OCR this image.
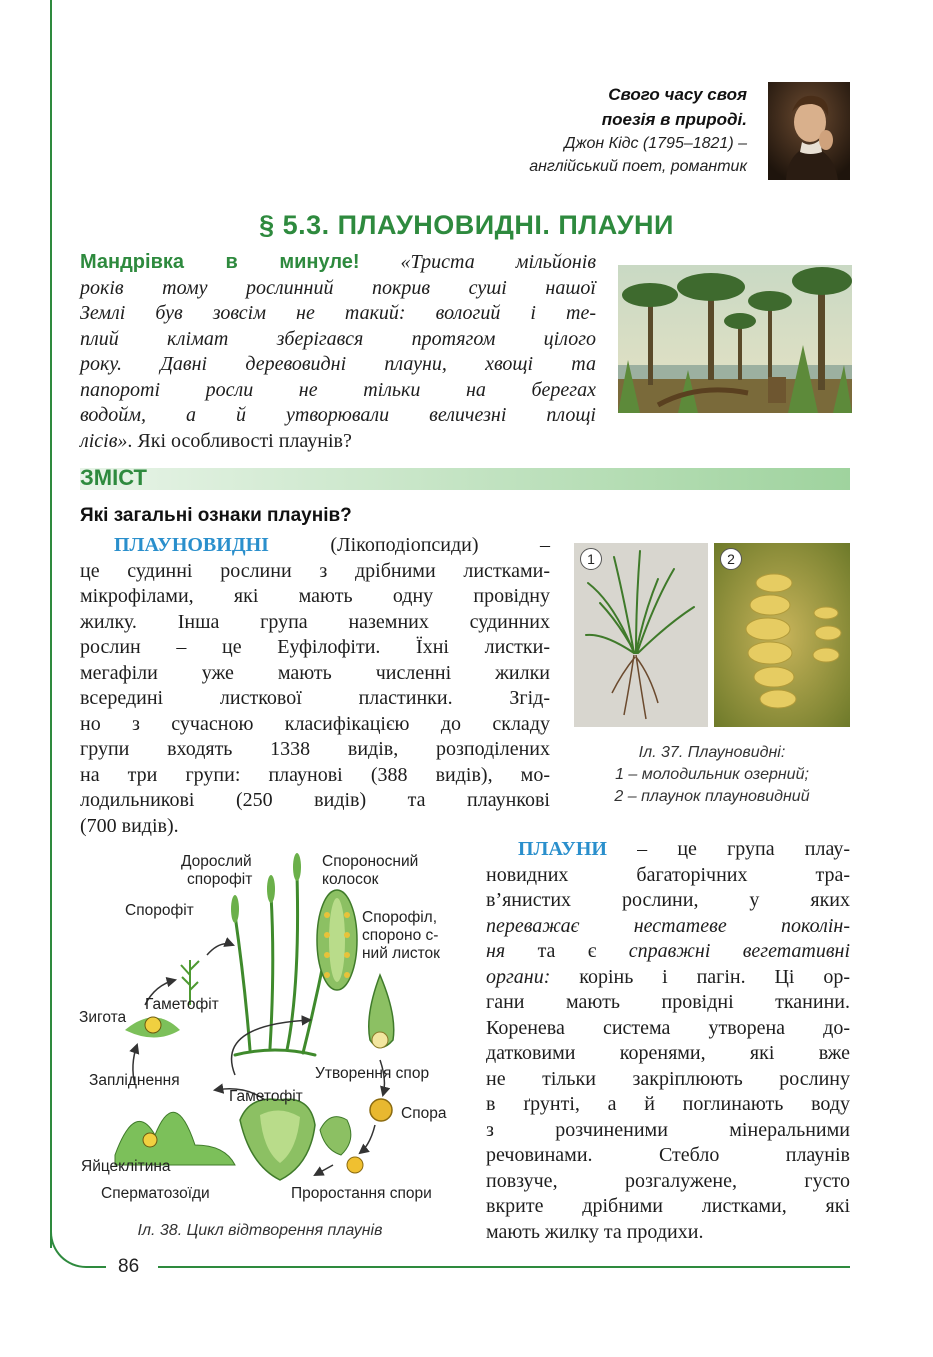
86
Свого часу своя
поезія в природі.
Джон Кідс (1795–1821) –
англійський поет, романтик
§ 5.3. ПЛАУНОВИДНІ. ПЛАУНИ
Мандрівка в минуле! «Триста мільйонів
років тому рослинний покрив суші нашої
Землі був зовсім не такий: вологий і те-
плий клімат зберігався протягом цілого
року. Давні деревовидні плауни, хвощі та
папороті росли не тільки на берегах
водойм, а й утворювали величезні площі
лісів». Які особливості плаунів?
ЗМІСТ
Які загальні ознаки плаунів?
ПЛАУНОВИДНІ (Лікоподіопсиди) –
це судинні рослини з дрібними листками-
мікрофілами, які мають одну провідну
жилку. Інша група наземних судинних
рослин – це Еуфілофіти. Їхні листки-
мегафіли уже мають численні жилки
всередині листкової пластинки. Згід-
но з сучасною класифікацією до складу
групи входять 1338 видів, розподілених
на три групи: плаунові (388 видів), мо-
лодильникові (250 видів) та плаункові
(700 видів).
1	2
Іл. 37. Плауновидні:
1 – молодильник озерний;
2 – плаунок плауновидний
ПЛАУНИ – це група плау-
новидних багаторічних тра-
в’янистих рослини, у яких
переважає нестатеве поколін-
ня та є справжні вегетативні
органи: корінь і пагін. Ці ор-
гани мають провідні тканини.
Коренева система утворена до-
датковими коренями, які вже
не тільки закріплюють рослину
в ґрунті, а й поглинають воду
з розчиненими мінеральними
речовинами. Стебло плаунів
повзуче, розгалужене, густо
вкрите дрібними листками, які
мають жилку та продихи.
Дорослий
спорофіт
Спороносний
колосок
Спорофіт	Спорофіл,
спороно с-
ний листок
Гаметофіт
Зигота
Запліднення	Утворення спор
Гаметофіт
Спора
Яйцеклітина
Сперматозоїди	Проростання спори
Іл. 38. Цикл відтворення плаунів
